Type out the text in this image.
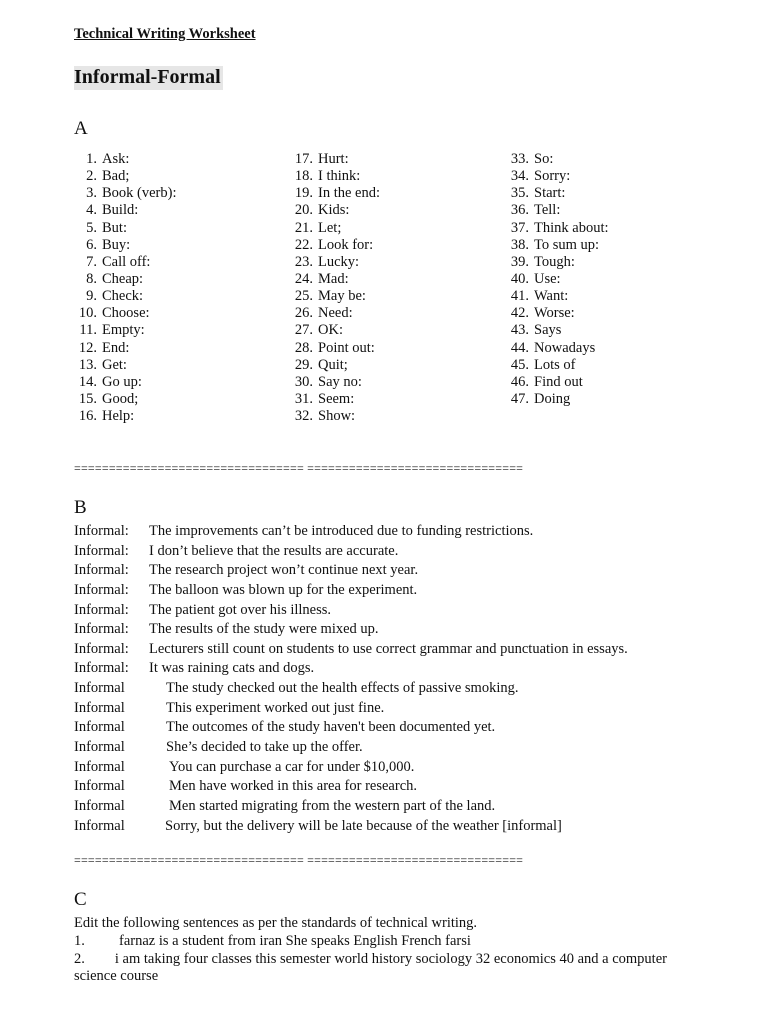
Technical Writing Worksheet
Informal-Formal
A
1. Ask:
2. Bad;
3. Book (verb):
4. Build:
5. But:
6. Buy:
7. Call off:
8. Cheap:
9. Check:
10. Choose:
11. Empty:
12. End:
13. Get:
14. Go up:
15. Good;
16. Help:
17. Hurt:
18. I think:
19. In the end:
20. Kids:
21. Let;
22. Look for:
23. Lucky:
24. Mad:
25. May be:
26. Need:
27. OK:
28. Point out:
29. Quit;
30. Say no:
31. Seem:
32. Show:
33. So:
34. Sorry:
35. Start:
36. Tell:
37. Think about:
38. To sum up:
39. Tough:
40. Use:
41. Want:
42. Worse:
43. Says
44. Nowadays
45. Lots of
46. Find out
47. Doing
================================= ===============================
B
Informal: The improvements can’t be introduced due to funding restrictions.
Informal: I don’t believe that the results are accurate.
Informal: The research project won’t continue next year.
Informal: The balloon was blown up for the experiment.
Informal: The patient got over his illness.
Informal: The results of the study were mixed up.
Informal: Lecturers still count on students to use correct grammar and punctuation in essays.
Informal: It was raining cats and dogs.
Informal	The study checked out the health effects of passive smoking.
Informal	This experiment worked out just fine.
Informal	The outcomes of the study haven't been documented yet.
Informal	She’s decided to take up the offer.
Informal	You can purchase a car for under $10,000.
Informal	Men have worked in this area for research.
Informal	Men started migrating from the western part of the land.
Informal	Sorry, but the delivery will be late because of the weather [informal]
================================= ===============================
C
Edit the following sentences as per the standards of technical writing.
1. farnaz is a student from iran She speaks English French farsi
2. i am taking four classes this semester world history sociology 32 economics 40 and a computer science course
